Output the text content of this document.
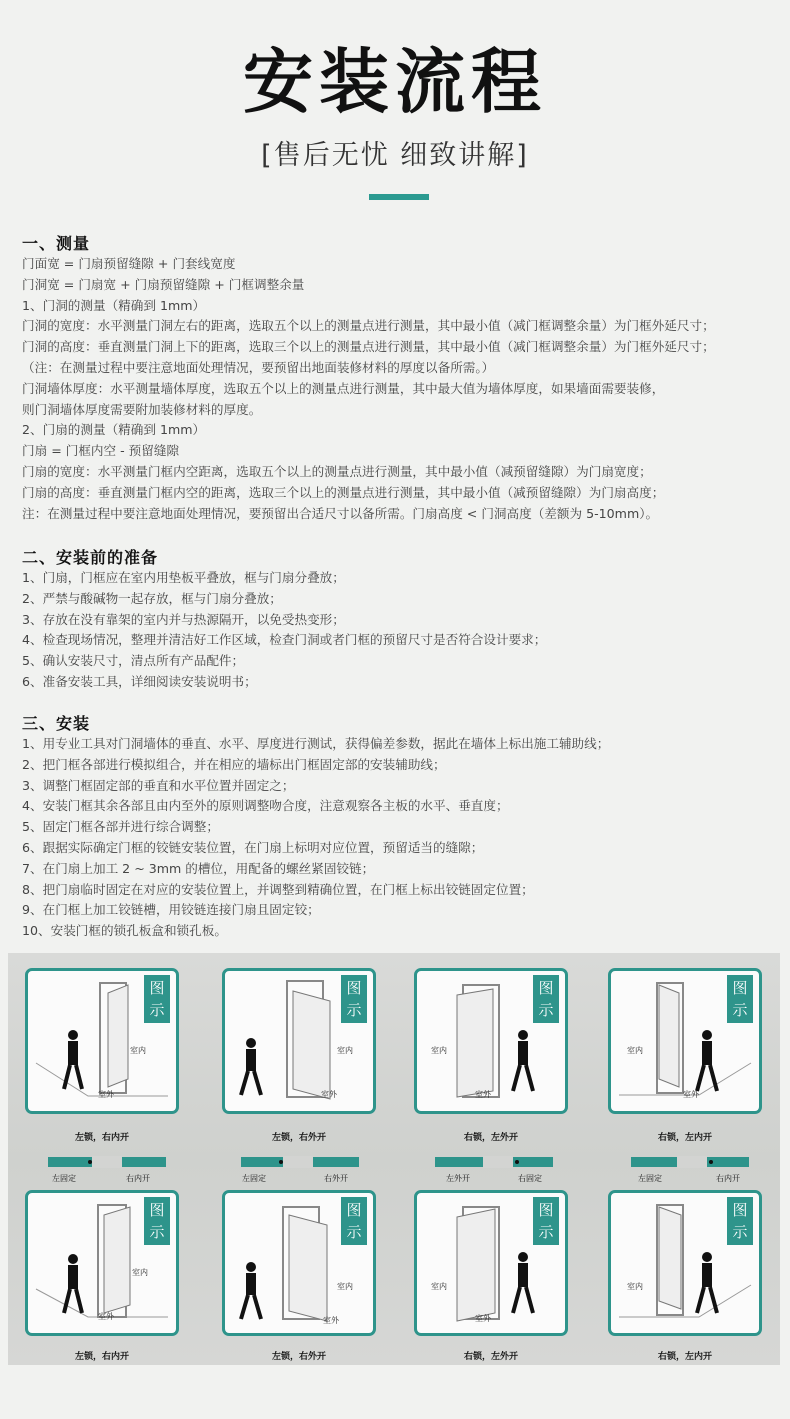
安装流程
[售后无忧 细致讲解]
一、测量
门面宽 = 门扇预留缝隙 + 门套线宽度
门洞宽 = 门扇宽 + 门扇预留缝隙 + 门框调整余量
1、门洞的测量（精确到 1mm）
门洞的宽度：水平测量门洞左右的距离，选取五个以上的测量点进行测量，其中最小值（减门框调整余量）为门框外延尺寸；
门洞的高度：垂直测量门洞上下的距离，选取三个以上的测量点进行测量，其中最小值（减门框调整余量）为门框外延尺寸；
（注：在测量过程中要注意地面处理情况，要预留出地面装修材料的厚度以备所需。）
门洞墙体厚度：水平测量墙体厚度，选取五个以上的测量点进行测量，其中最大值为墙体厚度，如果墙面需要装修，
则门洞墙体厚度需要附加装修材料的厚度。
2、门扇的测量（精确到 1mm）
门扇 = 门框内空 - 预留缝隙
门扇的宽度：水平测量门框内空距离，选取五个以上的测量点进行测量，其中最小值（减预留缝隙）为门扇宽度；
门扇的高度：垂直测量门框内空的距离，选取三个以上的测量点进行测量，其中最小值（减预留缝隙）为门扇高度；
注：在测量过程中要注意地面处理情况，要预留出合适尺寸以备所需。门扇高度 < 门洞高度（差额为 5-10mm）。
二、安装前的准备
1、门扇，门框应在室内用垫板平叠放，框与门扇分叠放；
2、严禁与酸碱物一起存放，框与门扇分叠放；
3、存放在没有靠架的室内并与热源隔开，以免受热变形；
4、检查现场情况，整理并清洁好工作区域，检查门洞或者门框的预留尺寸是否符合设计要求；
5、确认安装尺寸，清点所有产品配件；
6、准备安装工具，详细阅读安装说明书；
三、安装
1、用专业工具对门洞墙体的垂直、水平、厚度进行测试，获得偏差参数，据此在墙体上标出施工辅助线；
2、把门框各部进行模拟组合，并在相应的墙标出门框固定部的安装辅助线；
3、调整门框固定部的垂直和水平位置并固定之；
4、安装门框其余各部且由内至外的原则调整吻合度，注意观察各主板的水平、垂直度；
5、固定门框各部并进行综合调整；
6、跟据实际确定门框的铰链安装位置，在门扇上标明对应位置，预留适当的缝隙；
7、在门扇上加工 2 ~ 3mm 的槽位，用配备的螺丝紧固铰链；
8、把门扇临时固定在对应的安装位置上，并调整到精确位置，在门框上标出铰链固定位置；
9、在门框上加工铰链槽，用铰链连接门扇且固定铰；
10、安装门框的锁孔板盒和锁孔板。
图
示
室内
室外
图
示
室内
室外
图
示
室内
室外
图
示
室内
室外
左锁，右内开	左锁，右外开	右锁，左外开	右锁，左内开
左固定	右内开	左固定	右外开	左外开	右固定	左固定	右内开
图
示
室内
室外
图
示
室内
室外
图
示
室内
室外
图
示
室内
左锁，右内开	左锁，右外开	右锁，左外开	右锁，左内开
